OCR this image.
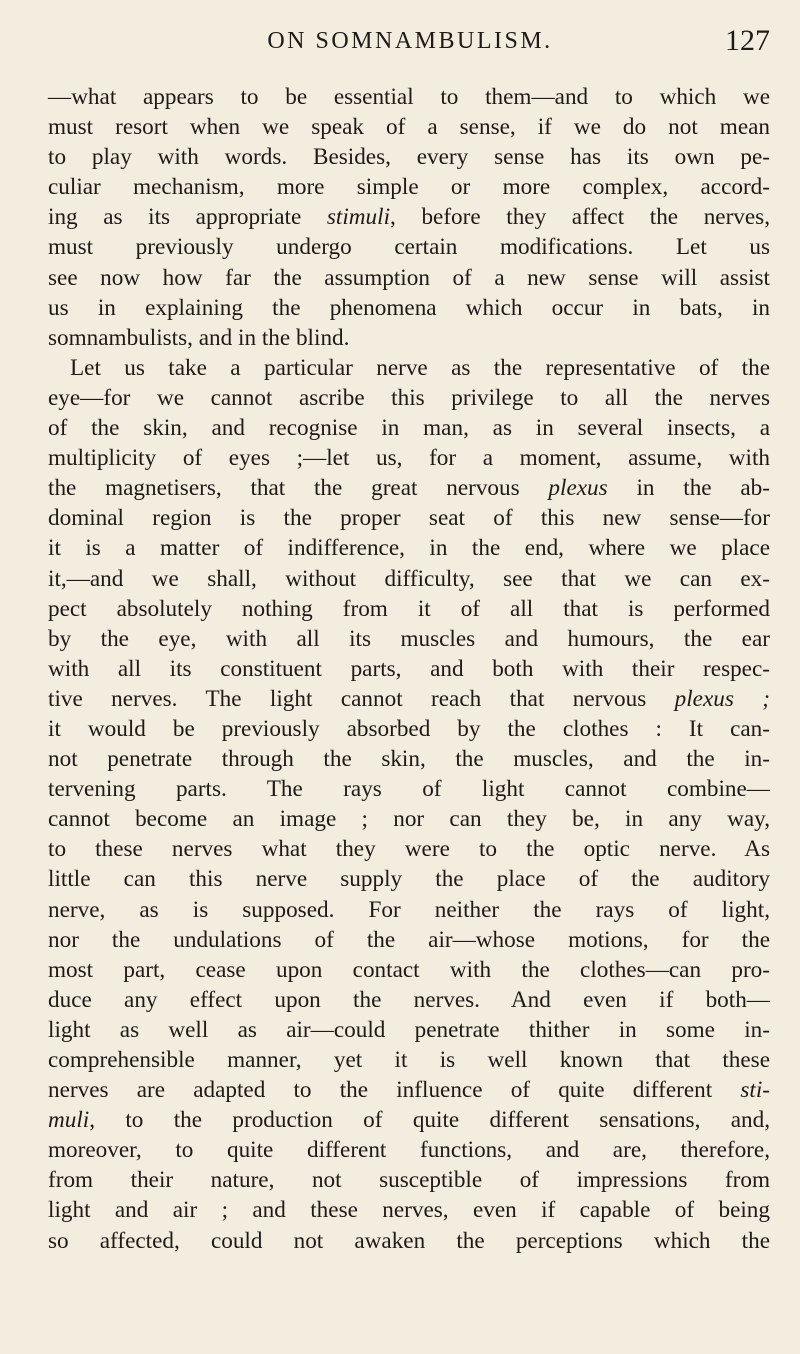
ON SOMNAMBULISM.	127
—what appears to be essential to them—and to which we
must resort when we speak of a sense, if we do not mean
to play with words. Besides, every sense has its own pe-
culiar mechanism, more simple or more complex, accord-
ing as its appropriate stimuli, before they affect the nerves,
must previously undergo certain modifications. Let us
see now how far the assumption of a new sense will assist
us in explaining the phenomena which occur in bats, in
somnambulists, and in the blind.
Let us take a particular nerve as the representative of the
eye—for we cannot ascribe this privilege to all the nerves
of the skin, and recognise in man, as in several insects, a
multiplicity of eyes ;—let us, for a moment, assume, with
the magnetisers, that the great nervous plexus in the ab-
dominal region is the proper seat of this new sense—for
it is a matter of indifference, in the end, where we place
it,—and we shall, without difficulty, see that we can ex-
pect absolutely nothing from it of all that is performed
by the eye, with all its muscles and humours, the ear
with all its constituent parts, and both with their respec-
tive nerves. The light cannot reach that nervous plexus ;
it would be previously absorbed by the clothes : It can-
not penetrate through the skin, the muscles, and the in-
tervening parts. The rays of light cannot combine—
cannot become an image ; nor can they be, in any way,
to these nerves what they were to the optic nerve. As
little can this nerve supply the place of the auditory
nerve, as is supposed. For neither the rays of light,
nor the undulations of the air—whose motions, for the
most part, cease upon contact with the clothes—can pro-
duce any effect upon the nerves. And even if both—
light as well as air—could penetrate thither in some in-
comprehensible manner, yet it is well known that these
nerves are adapted to the influence of quite different sti-
muli, to the production of quite different sensations, and,
moreover, to quite different functions, and are, therefore,
from their nature, not susceptible of impressions from
light and air ; and these nerves, even if capable of being
so affected, could not awaken the perceptions which the
